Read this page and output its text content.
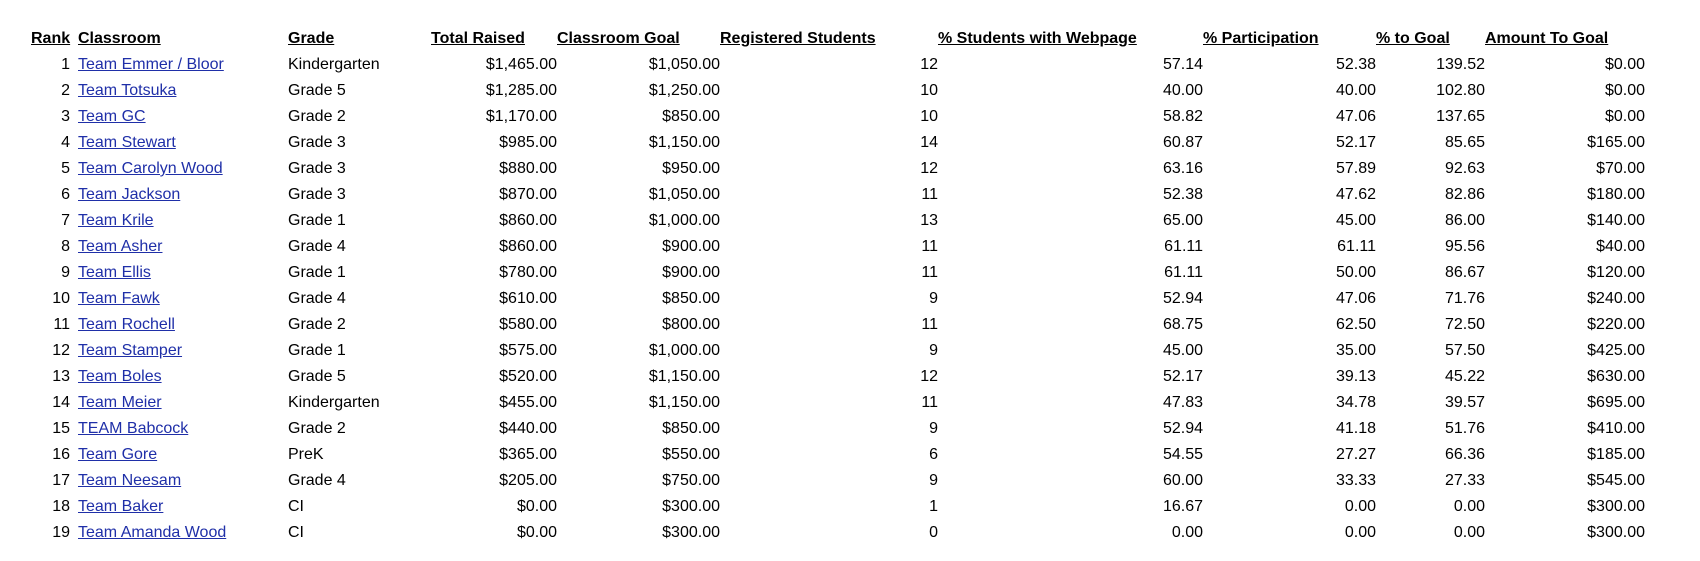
Rank	Classroom	Grade	Total Raised	Classroom Goal	Registered Students	% Students with Webpage	% Participation	% to Goal	Amount To Goal
1	Team Emmer / Bloor	Kindergarten	$1,465.00	$1,050.00	12	57.14	52.38	139.52	$0.00
2	Team Totsuka	Grade 5	$1,285.00	$1,250.00	10	40.00	40.00	102.80	$0.00
3	Team GC	Grade 2	$1,170.00	$850.00	10	58.82	47.06	137.65	$0.00
4	Team Stewart	Grade 3	$985.00	$1,150.00	14	60.87	52.17	85.65	$165.00
5	Team Carolyn Wood	Grade 3	$880.00	$950.00	12	63.16	57.89	92.63	$70.00
6	Team Jackson	Grade 3	$870.00	$1,050.00	11	52.38	47.62	82.86	$180.00
7	Team Krile	Grade 1	$860.00	$1,000.00	13	65.00	45.00	86.00	$140.00
8	Team Asher	Grade 4	$860.00	$900.00	11	61.11	61.11	95.56	$40.00
9	Team Ellis	Grade 1	$780.00	$900.00	11	61.11	50.00	86.67	$120.00
10	Team Fawk	Grade 4	$610.00	$850.00	9	52.94	47.06	71.76	$240.00
11	Team Rochell	Grade 2	$580.00	$800.00	11	68.75	62.50	72.50	$220.00
12	Team Stamper	Grade 1	$575.00	$1,000.00	9	45.00	35.00	57.50	$425.00
13	Team Boles	Grade 5	$520.00	$1,150.00	12	52.17	39.13	45.22	$630.00
14	Team Meier	Kindergarten	$455.00	$1,150.00	11	47.83	34.78	39.57	$695.00
15	TEAM Babcock	Grade 2	$440.00	$850.00	9	52.94	41.18	51.76	$410.00
16	Team Gore	PreK	$365.00	$550.00	6	54.55	27.27	66.36	$185.00
17	Team Neesam	Grade 4	$205.00	$750.00	9	60.00	33.33	27.33	$545.00
18	Team Baker	CI	$0.00	$300.00	1	16.67	0.00	0.00	$300.00
19	Team Amanda Wood	CI	$0.00	$300.00	0	0.00	0.00	0.00	$300.00
